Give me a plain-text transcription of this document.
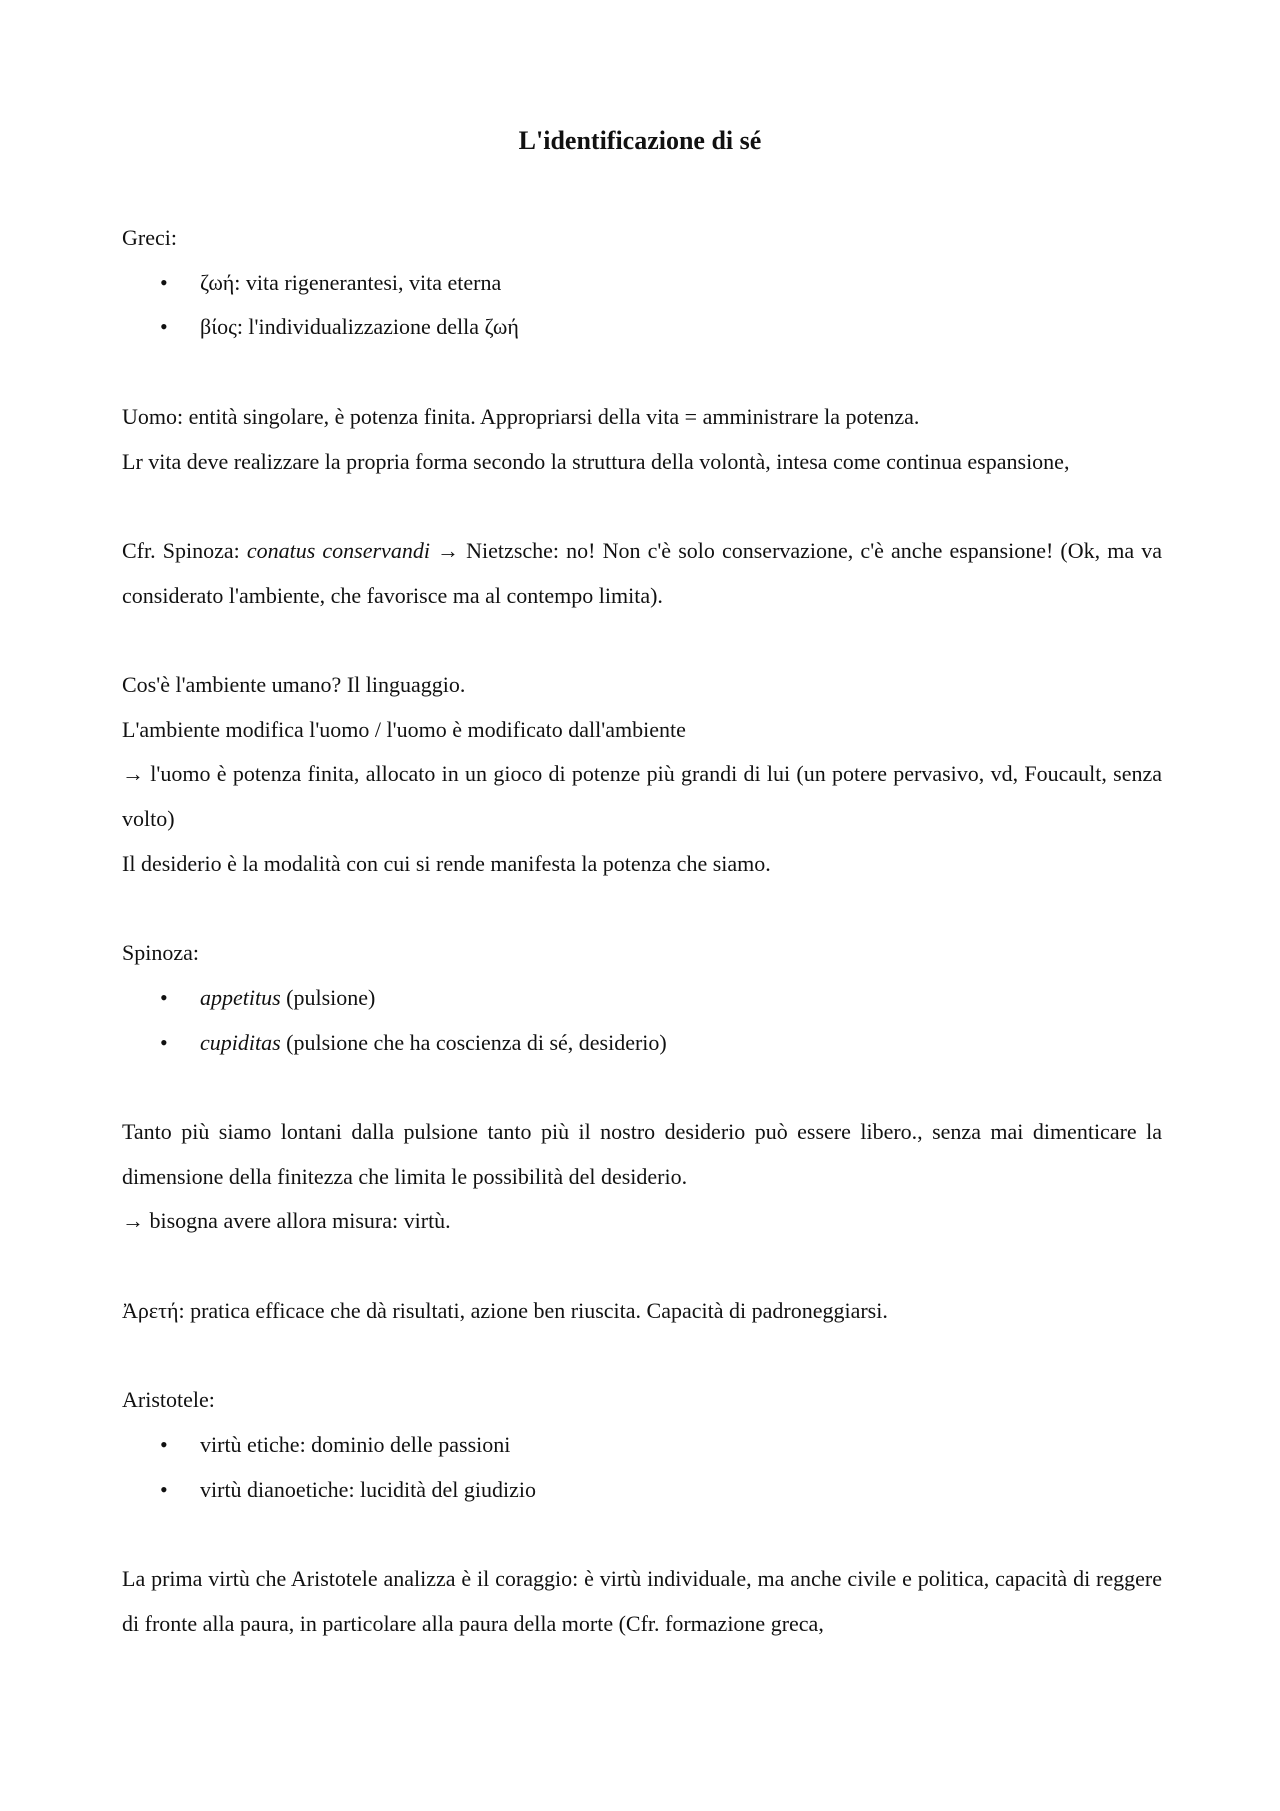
L'identificazione di sé

Greci:

• ζωή: vita rigenerantesi, vita eterna
• βίος: l'individualizzazione della ζωή

Uomo: entità singolare, è potenza finita. Appropriarsi della vita = amministrare la potenza.

Lr vita deve realizzare la propria forma secondo la struttura della volontà, intesa come continua espansione,

Cfr. Spinoza: conatus conservandi → Nietzsche: no! Non c'è solo conservazione, c'è anche espansione! (Ok, ma va considerato l'ambiente, che favorisce ma al contempo limita).

Cos'è l'ambiente umano? Il linguaggio.

L'ambiente modifica l'uomo / l'uomo è modificato dall'ambiente

→ l'uomo è potenza finita, allocato in un gioco di potenze più grandi di lui (un potere pervasivo, vd, Foucault, senza volto)

Il desiderio è la modalità con cui si rende manifesta la potenza che siamo.

Spinoza:

• appetitus (pulsione)
• cupiditas (pulsione che ha coscienza di sé, desiderio)

Tanto più siamo lontani dalla pulsione tanto più il nostro desiderio può essere libero., senza mai dimenticare la dimensione della finitezza che limita le possibilità del desiderio.

→ bisogna avere allora misura: virtù.

Ἀρετή: pratica efficace che dà risultati, azione ben riuscita. Capacità di padroneggiarsi.

Aristotele:

• virtù etiche: dominio delle passioni
• virtù dianoetiche: lucidità del giudizio

La prima virtù che Aristotele analizza è il coraggio: è virtù individuale, ma anche civile e politica, capacità di reggere di fronte alla paura, in particolare alla paura della morte (Cfr. formazione greca,
